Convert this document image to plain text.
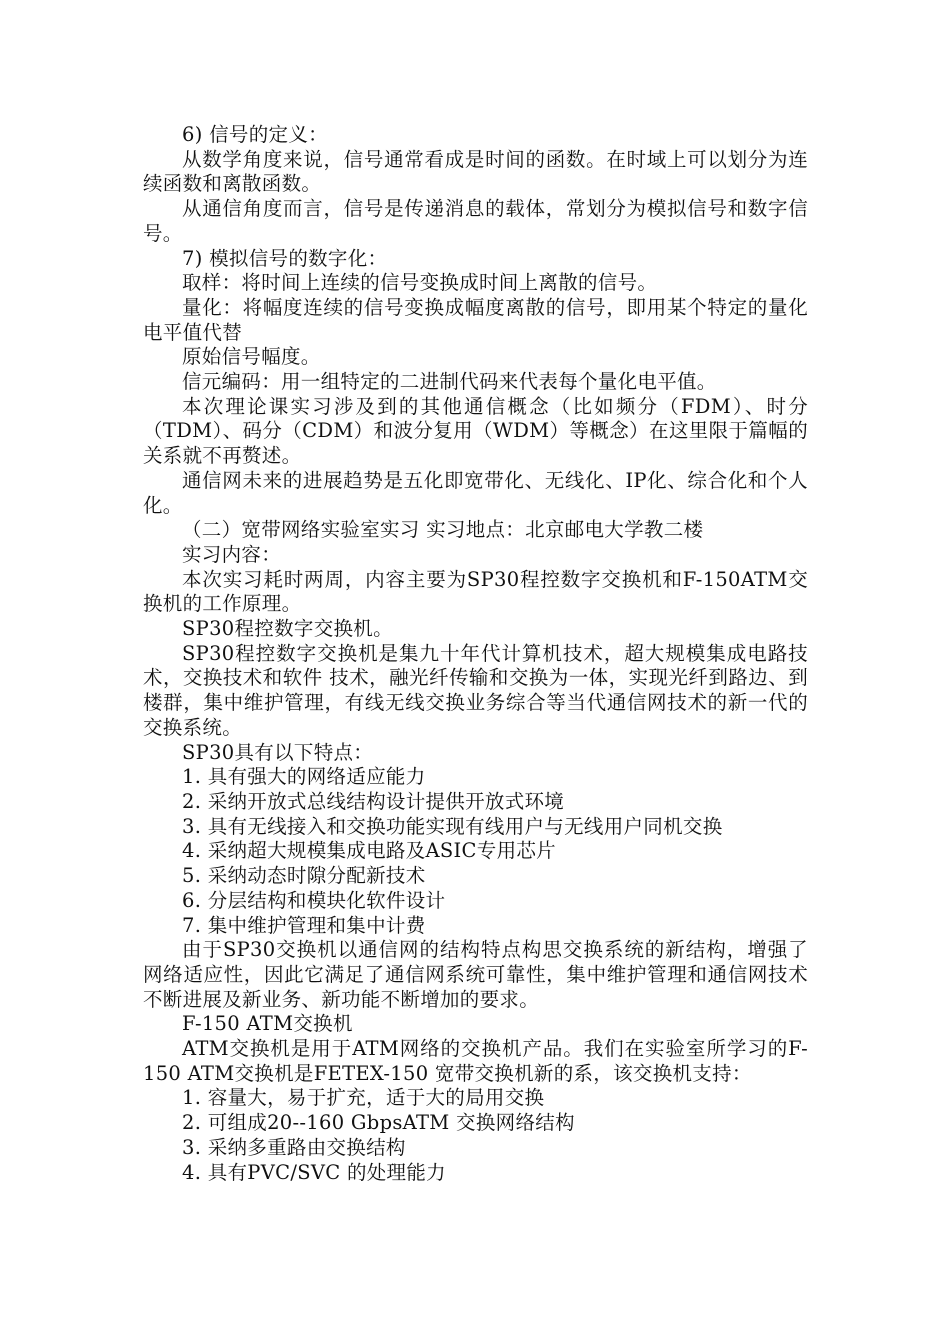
6) 信号的定义：

从数学角度来说，信号通常看成是时间的函数。在时域上可以划分为连续函数和离散函数。

从通信角度而言，信号是传递消息的载体，常划分为模拟信号和数字信号。

7) 模拟信号的数字化：

取样：将时间上连续的信号变换成时间上离散的信号。

量化：将幅度连续的信号变换成幅度离散的信号，即用某个特定的量化电平值代替

原始信号幅度。

信元编码：用一组特定的二进制代码来代表每个量化电平值。

本次理论课实习涉及到的其他通信概念（比如频分（FDM）、时分（TDM）、码分（CDM）和波分复用（WDM）等概念）在这里限于篇幅的关系就不再赘述。

通信网未来的进展趋势是五化即宽带化、无线化、IP化、综合化和个人化。

（二）宽带网络实验室实习 实习地点：北京邮电大学教二楼

实习内容：

本次实习耗时两周，内容主要为SP30程控数字交换机和F-150ATM交换机的工作原理。

SP30程控数字交换机。

SP30程控数字交换机是集九十年代计算机技术，超大规模集成电路技术，交换技术和软件 技术，融光纤传输和交换为一体，实现光纤到路边、到楼群，集中维护管理，有线无线交换业务综合等当代通信网技术的新一代的交换系统。

SP30具有以下特点：

1. 具有强大的网络适应能力

2. 采纳开放式总线结构设计提供开放式环境

3. 具有无线接入和交换功能实现有线用户与无线用户同机交换

4. 采纳超大规模集成电路及ASIC专用芯片

5. 采纳动态时隙分配新技术

6. 分层结构和模块化软件设计

7. 集中维护管理和集中计费

由于SP30交换机以通信网的结构特点构思交换系统的新结构，增强了网络适应性，因此它满足了通信网系统可靠性，集中维护管理和通信网技术不断进展及新业务、新功能不断增加的要求。

F-150 ATM交换机

ATM交换机是用于ATM网络的交换机产品。我们在实验室所学习的F-150 ATM交换机是FETEX-150 宽带交换机新的系，该交换机支持：

1. 容量大，易于扩充，适于大的局用交换

2. 可组成20--160 GbpsATM 交换网络结构

3. 采纳多重路由交换结构

4. 具有PVC/SVC 的处理能力
